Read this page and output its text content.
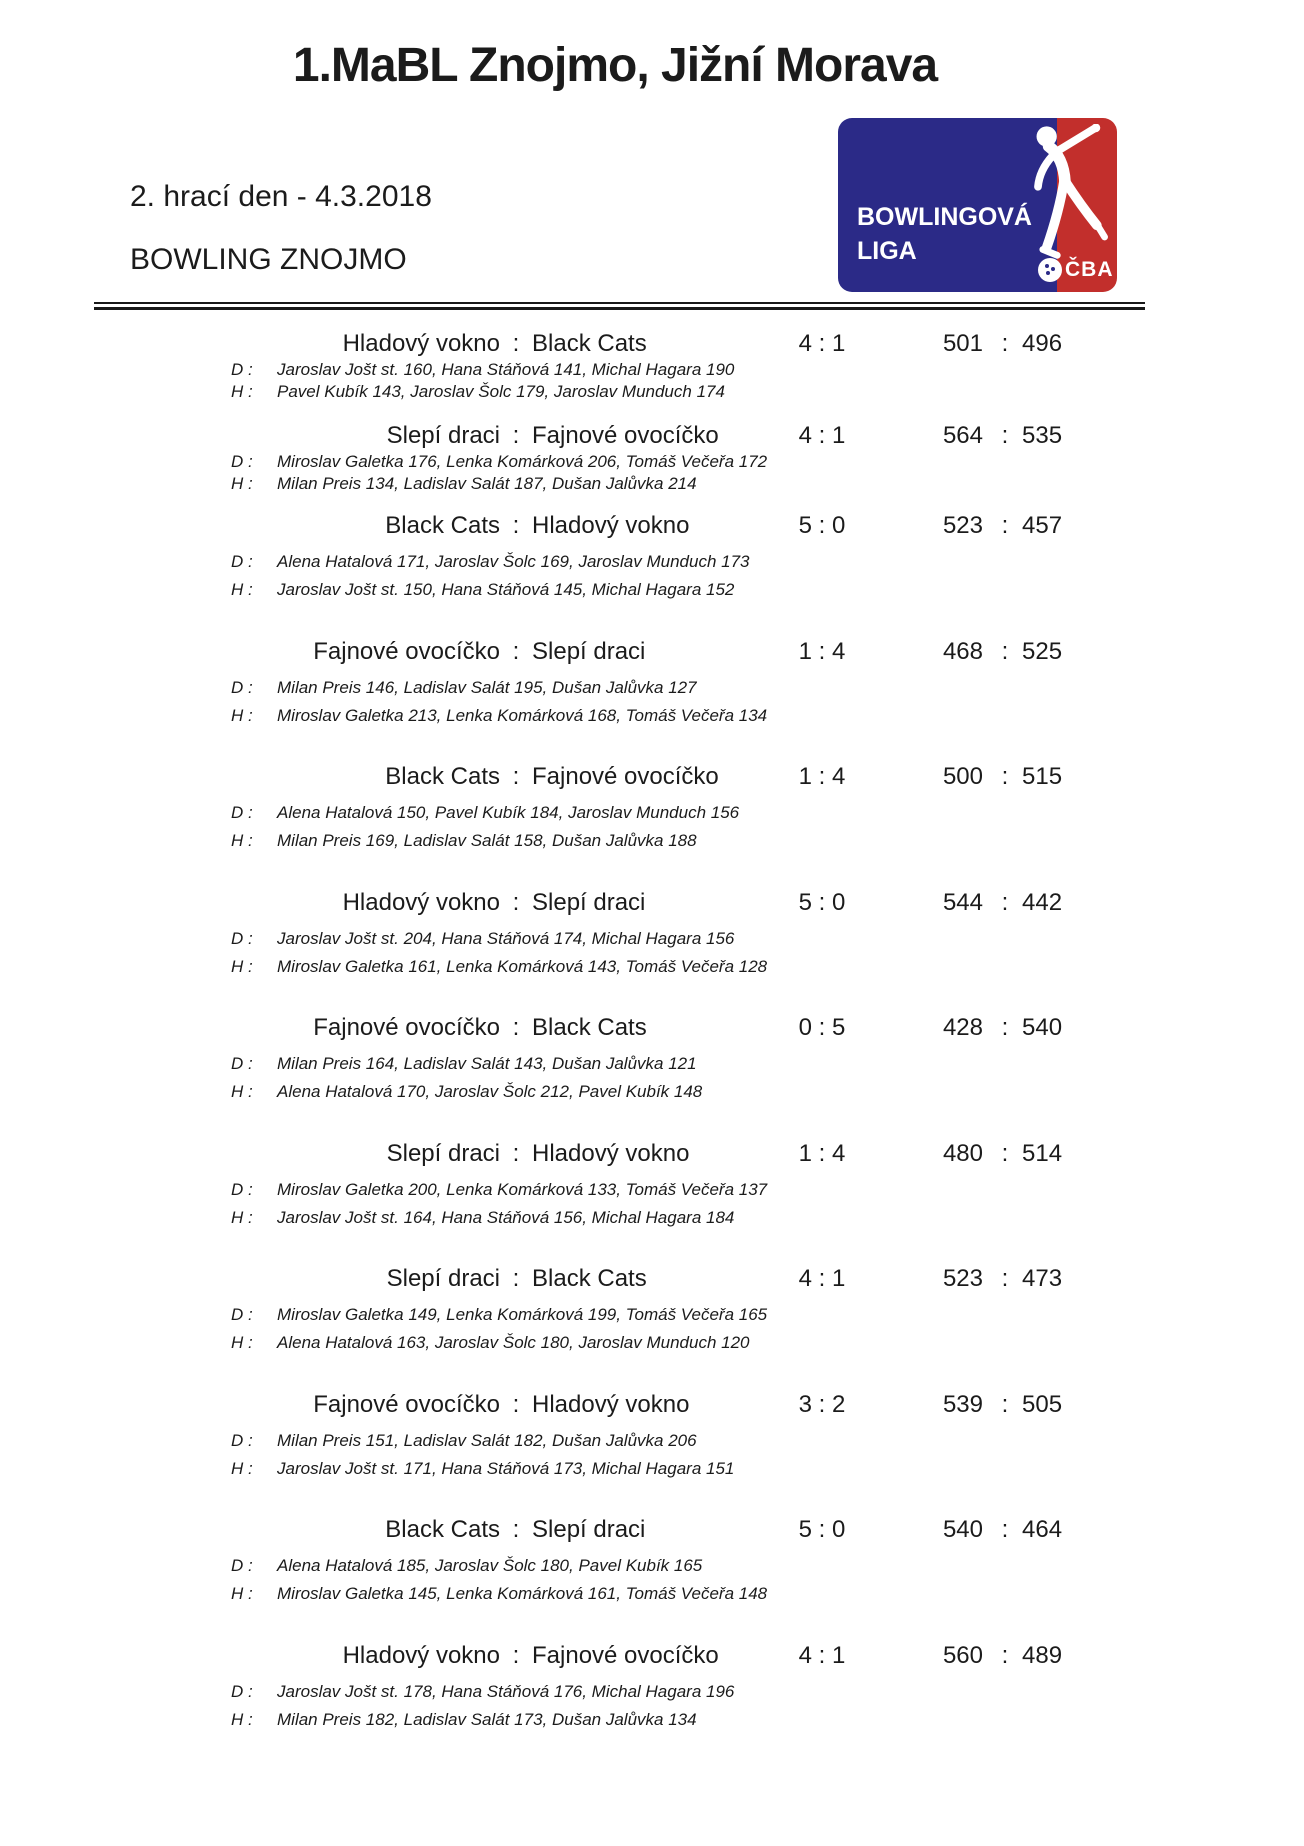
1.MaBL Znojmo, Jižní Morava
2. hrací den - 4.3.2018
BOWLING ZNOJMO
BOWLINGOVÁ
LIGA
ČBA
Hladový vokno : Black Cats	4 : 1	501 : 496
D : Jaroslav Jošt st. 160, Hana Stáňová 141, Michal Hagara 190
H : Pavel Kubík 143, Jaroslav Šolc 179, Jaroslav Munduch 174
Slepí draci : Fajnové ovocíčko	4 : 1	564 : 535
D : Miroslav Galetka 176, Lenka Komárková 206, Tomáš Večeřa 172
H : Milan Preis 134, Ladislav Salát 187, Dušan Jalůvka 214
Black Cats : Hladový vokno	5 : 0	523 : 457
D : Alena Hatalová 171, Jaroslav Šolc 169, Jaroslav Munduch 173
H : Jaroslav Jošt st. 150, Hana Stáňová 145, Michal Hagara 152
Fajnové ovocíčko : Slepí draci	1 : 4	468 : 525
D : Milan Preis 146, Ladislav Salát 195, Dušan Jalůvka 127
H : Miroslav Galetka 213, Lenka Komárková 168, Tomáš Večeřa 134
Black Cats : Fajnové ovocíčko	1 : 4	500 : 515
D : Alena Hatalová 150, Pavel Kubík 184, Jaroslav Munduch 156
H : Milan Preis 169, Ladislav Salát 158, Dušan Jalůvka 188
Hladový vokno : Slepí draci	5 : 0	544 : 442
D : Jaroslav Jošt st. 204, Hana Stáňová 174, Michal Hagara 156
H : Miroslav Galetka 161, Lenka Komárková 143, Tomáš Večeřa 128
Fajnové ovocíčko : Black Cats	0 : 5	428 : 540
D : Milan Preis 164, Ladislav Salát 143, Dušan Jalůvka 121
H : Alena Hatalová 170, Jaroslav Šolc 212, Pavel Kubík 148
Slepí draci : Hladový vokno	1 : 4	480 : 514
D : Miroslav Galetka 200, Lenka Komárková 133, Tomáš Večeřa 137
H : Jaroslav Jošt st. 164, Hana Stáňová 156, Michal Hagara 184
Slepí draci : Black Cats	4 : 1	523 : 473
D : Miroslav Galetka 149, Lenka Komárková 199, Tomáš Večeřa 165
H : Alena Hatalová 163, Jaroslav Šolc 180, Jaroslav Munduch 120
Fajnové ovocíčko : Hladový vokno	3 : 2	539 : 505
D : Milan Preis 151, Ladislav Salát 182, Dušan Jalůvka 206
H : Jaroslav Jošt st. 171, Hana Stáňová 173, Michal Hagara 151
Black Cats : Slepí draci	5 : 0	540 : 464
D : Alena Hatalová 185, Jaroslav Šolc 180, Pavel Kubík 165
H : Miroslav Galetka 145, Lenka Komárková 161, Tomáš Večeřa 148
Hladový vokno : Fajnové ovocíčko	4 : 1	560 : 489
D : Jaroslav Jošt st. 178, Hana Stáňová 176, Michal Hagara 196
H : Milan Preis 182, Ladislav Salát 173, Dušan Jalůvka 134
